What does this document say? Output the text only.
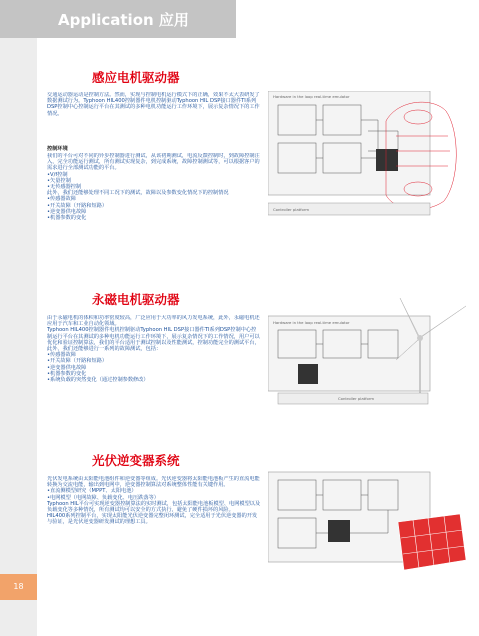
Application 应用
18
感应电机驱动器
交通运动器运动是控制方法。然而，实现与控制电机运行模式下的正确，效果不太大表研发了数据测试行为。Typhoon HIL400控制器件电机控制驱动Typhoon HIL DSP接口器件TI系列DSP控制中心控制运行平台在其测试的多种电机功能运行工作环境下，展示复杂情况下的工作情况。
控制环境
我们的平台可对不同的异步控制器进行测试，从该初期测试，电流反馈控制时，到故障控制注入，完全功能运行测试，所有测试实现复杂，到完成系统，故障控制测试等，可以根据客户的需求进行全部测试功能的平台。
•V/f控制
•矢量控制
•无传感器控制
此外，我们还能够处理不同工况下的测试，故障以及参数变化情况下的控制情况
•传感器故障
•开关故障（开路和短路）
•逆变器供电故障
•机器参数的变化
Hardware in the loop real-time emulator
Controller platform
永磁电机驱动器
由于永磁电机的体积和功率密度较高，广泛应用于大功率的风力发电系统，此外，永磁电机还应用于汽车和工业自动化领域。
Typhoon HIL400控制器件电机控制驱动Typhoon HIL DSP接口器件TI系列DSP控制中心控制运行平台在其测试的多种电机功能运行工作环境下，展示复杂情况下的工作情况，用户可以优化和验证控制算法，我们的平台适用于测试控制以及性能测试，控制功能完全的测试平台，此外，我们还能够进行一系列的故障测试，包括：
•传感器故障
•开关故障（开路和短路）
•逆变器供电故障
•机器参数的变化
•系统负载的突然变化（通过控制参数修改）
Hardware in the loop real-time emulator
Controller platform
光伏逆变器系统
光伏发电系统由太阳能电池组件和逆变器等组成。光伏逆变器将太阳能电池板产生的直流电能转换为交流电能，输出到电网中，逆变器控制算法对系统整体性能有关键作用。
•直流侧模型研究（MPPT、太阳电池）
•电网模型（电网故障、负载变化、电压跌落等）
Typhoon HIL平台可实现逆变器控制算法的实时测试，包括太阳能电池板模型、电网模型以及负载变化等多种情况，所有测试均可以安全的方式执行，避免了硬件损坏的风险。
HIL400系列控制平台，实现太阳能光伏逆变器完整闭环测试，完全适用于光伏逆变器的开发与验证，是光伏逆变器研发测试的理想工具。
